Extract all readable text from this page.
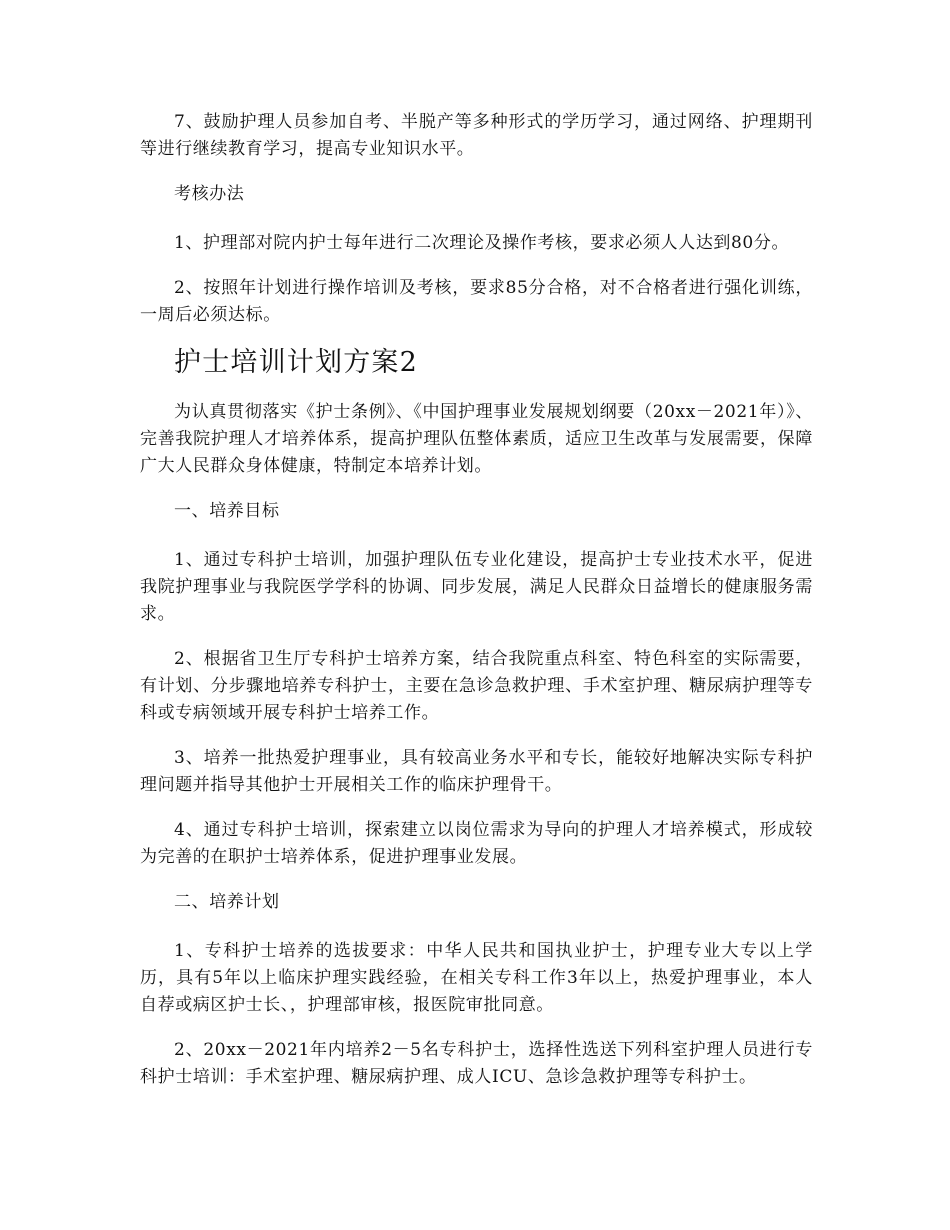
7、鼓励护理人员参加自考、半脱产等多种形式的学历学习，通过网络、护理期刊等进行继续教育学习，提高专业知识水平。

考核办法

1、护理部对院内护士每年进行二次理论及操作考核，要求必须人人达到80分。

2、按照年计划进行操作培训及考核，要求85分合格，对不合格者进行强化训练，一周后必须达标。

护士培训计划方案2

为认真贯彻落实《护士条例》、《中国护理事业发展规划纲要（20xx－2021年）》、完善我院护理人才培养体系，提高护理队伍整体素质，适应卫生改革与发展需要，保障广大人民群众身体健康，特制定本培养计划。

一、培养目标

1、通过专科护士培训，加强护理队伍专业化建设，提高护士专业技术水平，促进我院护理事业与我院医学学科的协调、同步发展，满足人民群众日益增长的健康服务需求。

2、根据省卫生厅专科护士培养方案，结合我院重点科室、特色科室的实际需要，有计划、分步骤地培养专科护士，主要在急诊急救护理、手术室护理、糖尿病护理等专科或专病领域开展专科护士培养工作。

3、培养一批热爱护理事业，具有较高业务水平和专长，能较好地解决实际专科护理问题并指导其他护士开展相关工作的临床护理骨干。

4、通过专科护士培训，探索建立以岗位需求为导向的护理人才培养模式，形成较为完善的在职护士培养体系，促进护理事业发展。

二、培养计划

1、专科护士培养的选拔要求：中华人民共和国执业护士，护理专业大专以上学历，具有5年以上临床护理实践经验，在相关专科工作3年以上，热爱护理事业，本人自荐或病区护士长、，护理部审核，报医院审批同意。

2、20xx－2021年内培养2－5名专科护士，选择性选送下列科室护理人员进行专科护士培训：手术室护理、糖尿病护理、成人ICU、急诊急救护理等专科护士。
